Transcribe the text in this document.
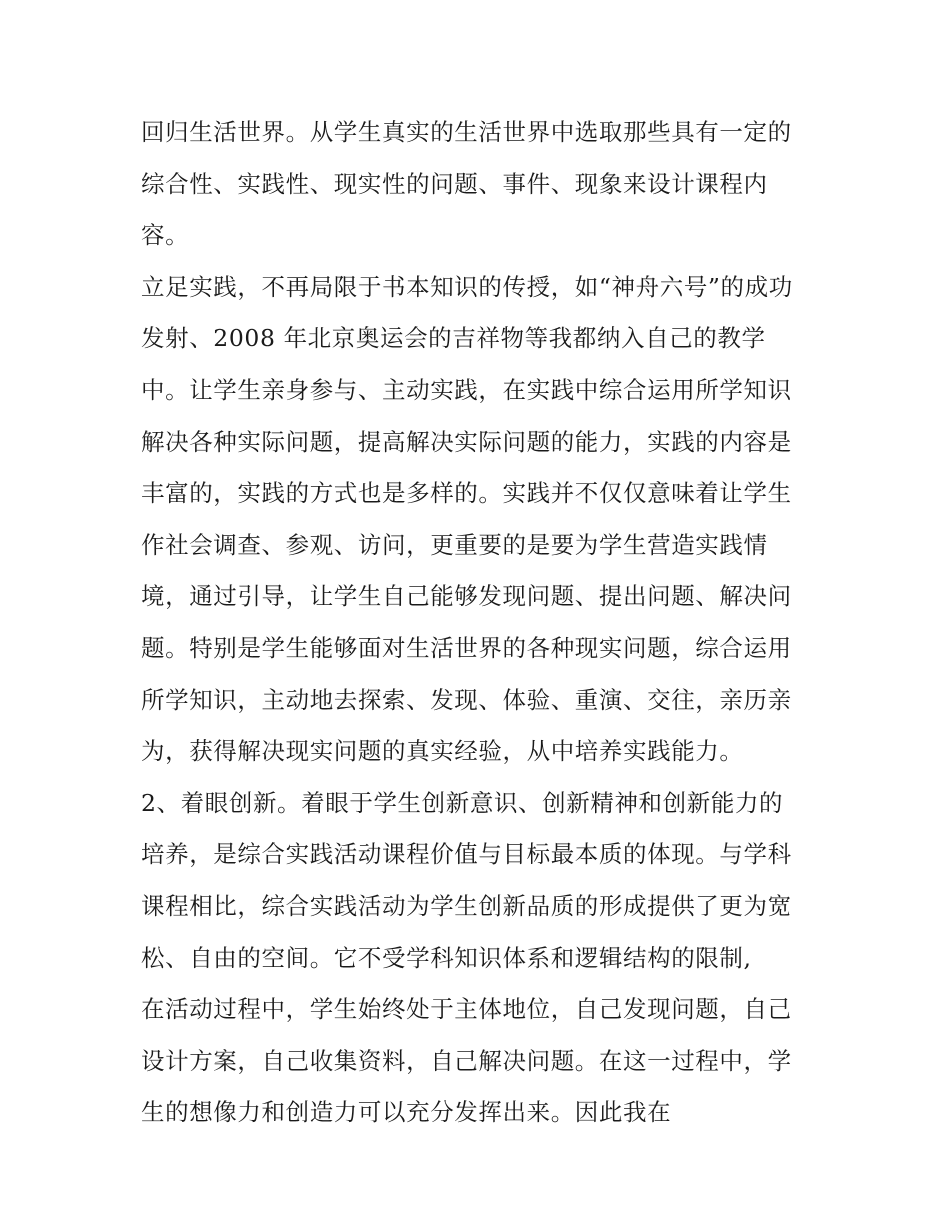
回归生活世界。从学生真实的生活世界中选取那些具有一定的
综合性、实践性、现实性的问题、事件、现象来设计课程内
容。
立足实践，不再局限于书本知识的传授，如“神舟六号”的成功
发射、2008 年北京奥运会的吉祥物等我都纳入自己的教学
中。让学生亲身参与、主动实践，在实践中综合运用所学知识
解决各种实际问题，提高解决实际问题的能力，实践的内容是
丰富的，实践的方式也是多样的。实践并不仅仅意味着让学生
作社会调查、参观、访问，更重要的是要为学生营造实践情
境，通过引导，让学生自己能够发现问题、提出问题、解决问
题。特别是学生能够面对生活世界的各种现实问题，综合运用
所学知识，主动地去探索、发现、体验、重演、交往，亲历亲
为，获得解决现实问题的真实经验，从中培养实践能力。
2、着眼创新。着眼于学生创新意识、创新精神和创新能力的
培养，是综合实践活动课程价值与目标最本质的体现。与学科
课程相比，综合实践活动为学生创新品质的形成提供了更为宽
松、自由的空间。它不受学科知识体系和逻辑结构的限制,
在活动过程中，学生始终处于主体地位，自己发现问题，自己
设计方案，自己收集资料，自己解决问题。在这一过程中，学
生的想像力和创造力可以充分发挥出来。因此我在
